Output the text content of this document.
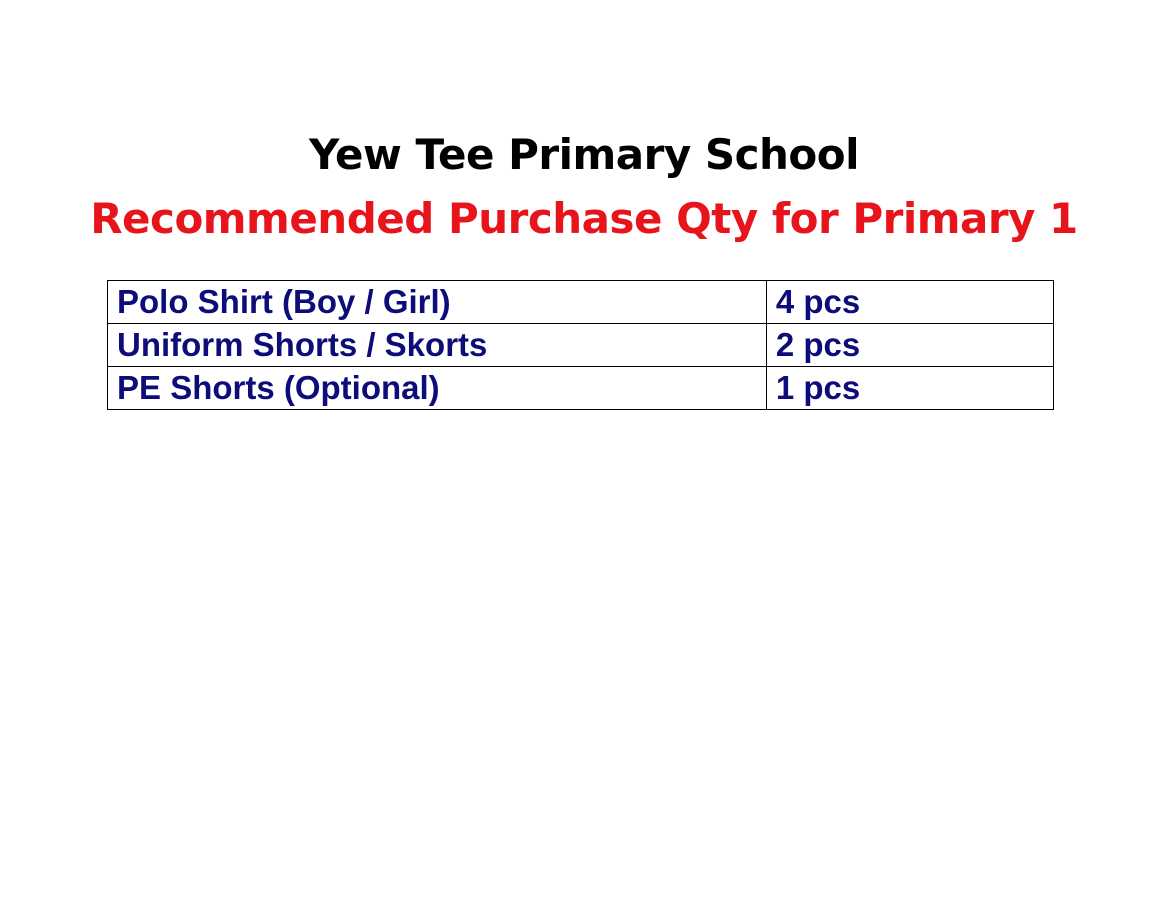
Yew Tee Primary School
Recommended Purchase Qty for Primary 1
Polo Shirt (Boy / Girl)	4 pcs
Uniform Shorts / Skorts	2 pcs
PE Shorts (Optional)	1 pcs
